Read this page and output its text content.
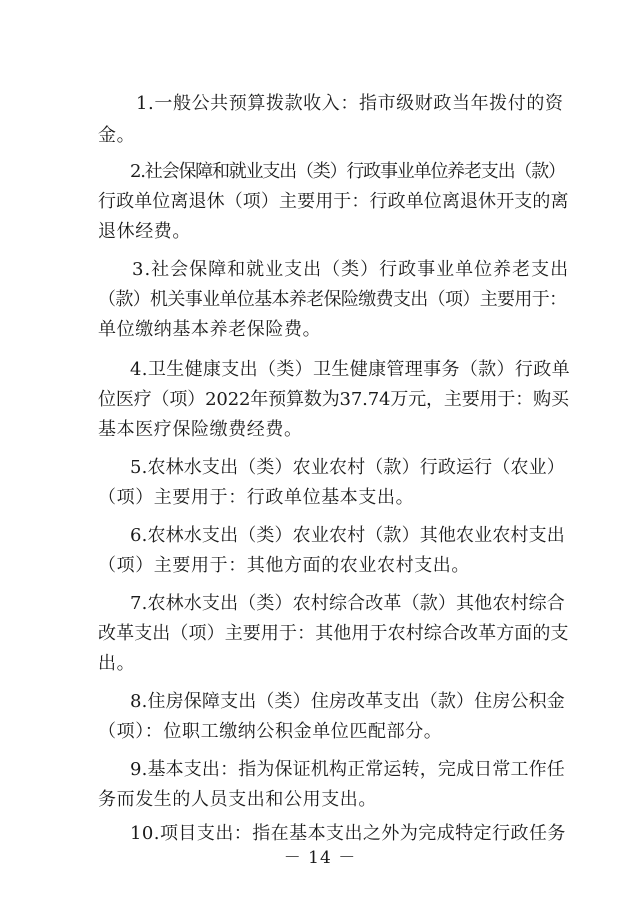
1.一般公共预算拨款收入：指市级财政当年拨付的资
金。
2.社会保障和就业支出（类）行政事业单位养老支出（款）
行政单位离退休（项）主要用于：行政单位离退休开支的离
退休经费。
3.社会保障和就业支出（类）行政事业单位养老支出
（款）机关事业单位基本养老保险缴费支出（项）主要用于：
单位缴纳基本养老保险费。
4.卫生健康支出（类）卫生健康管理事务（款）行政单
位医疗（项）2022年预算数为37.74万元，主要用于：购买
基本医疗保险缴费经费。
5.农林水支出（类）农业农村（款）行政运行（农业）
（项）主要用于：行政单位基本支出。
6.农林水支出（类）农业农村（款）其他农业农村支出
（项）主要用于：其他方面的农业农村支出。
7.农林水支出（类）农村综合改革（款）其他农村综合
改革支出（项）主要用于：其他用于农村综合改革方面的支
出。
8.住房保障支出（类）住房改革支出（款）住房公积金
（项）：位职工缴纳公积金单位匹配部分。
9.基本支出：指为保证机构正常运转，完成日常工作任
务而发生的人员支出和公用支出。
10.项目支出：指在基本支出之外为完成特定行政任务
－ 14 －
